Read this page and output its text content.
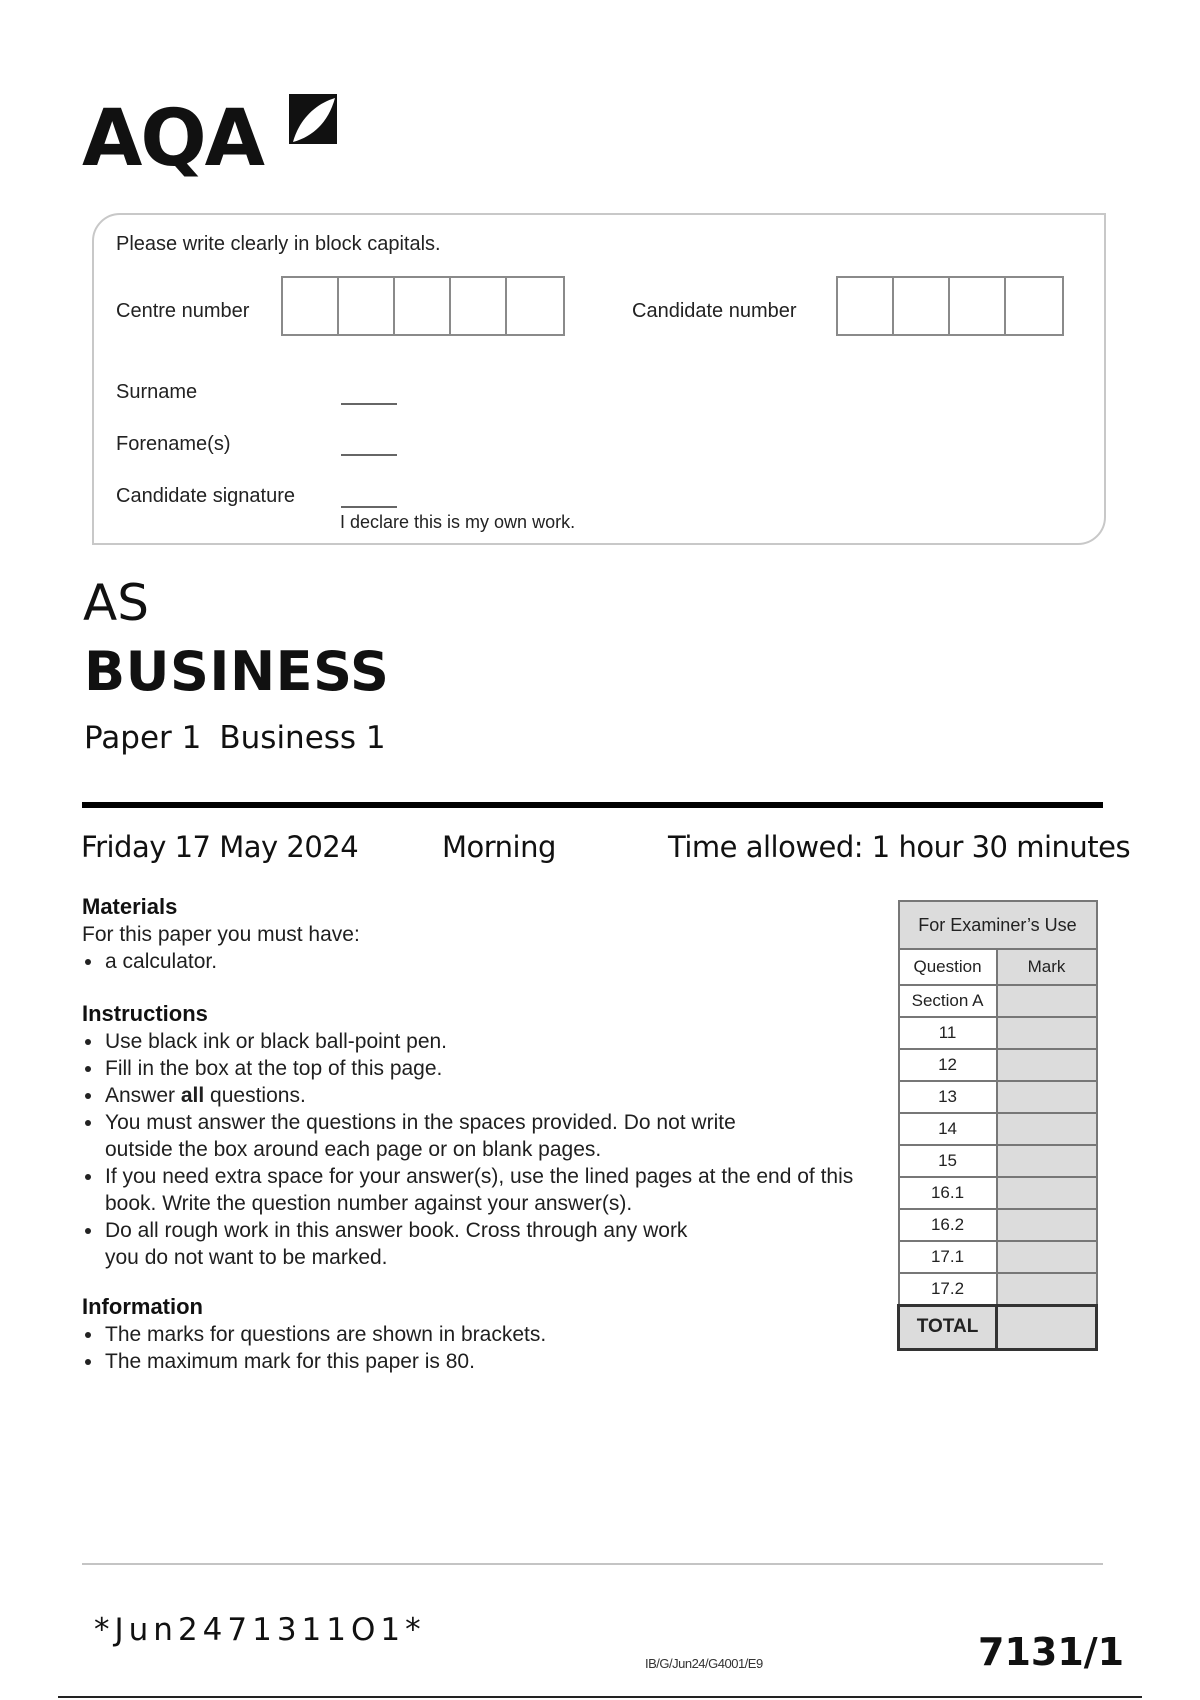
AQA
Please write clearly in block capitals.
Centre number	Candidate number
Surname
Forename(s)
Candidate signature
I declare this is my own work.
AS
BUSINESS
Paper 1 Business 1
Friday 17 May 2024	Morning	Time allowed: 1 hour 30 minutes
Materials
For this paper you must have:
a calculator.
Instructions
Use black ink or black ball-point pen.
Fill in the box at the top of this page.
Answer all questions.
You must answer the questions in the spaces provided. Do not write outside the box around each page or on blank pages.
If you need extra space for your answer(s), use the lined pages at the end of this book. Write the question number against your answer(s).
Do all rough work in this answer book. Cross through any work you do not want to be marked.
Information
The marks for questions are shown in brackets.
The maximum mark for this paper is 80.
For Examiner’s Use	
Question	Mark
Section A	
11	
12	
13	
14	
15	
16.1	
16.2	
17.1	
17.2	
TOTAL	
*Jun2471311O1*
IB/G/Jun24/G4001/E9	7131/1
